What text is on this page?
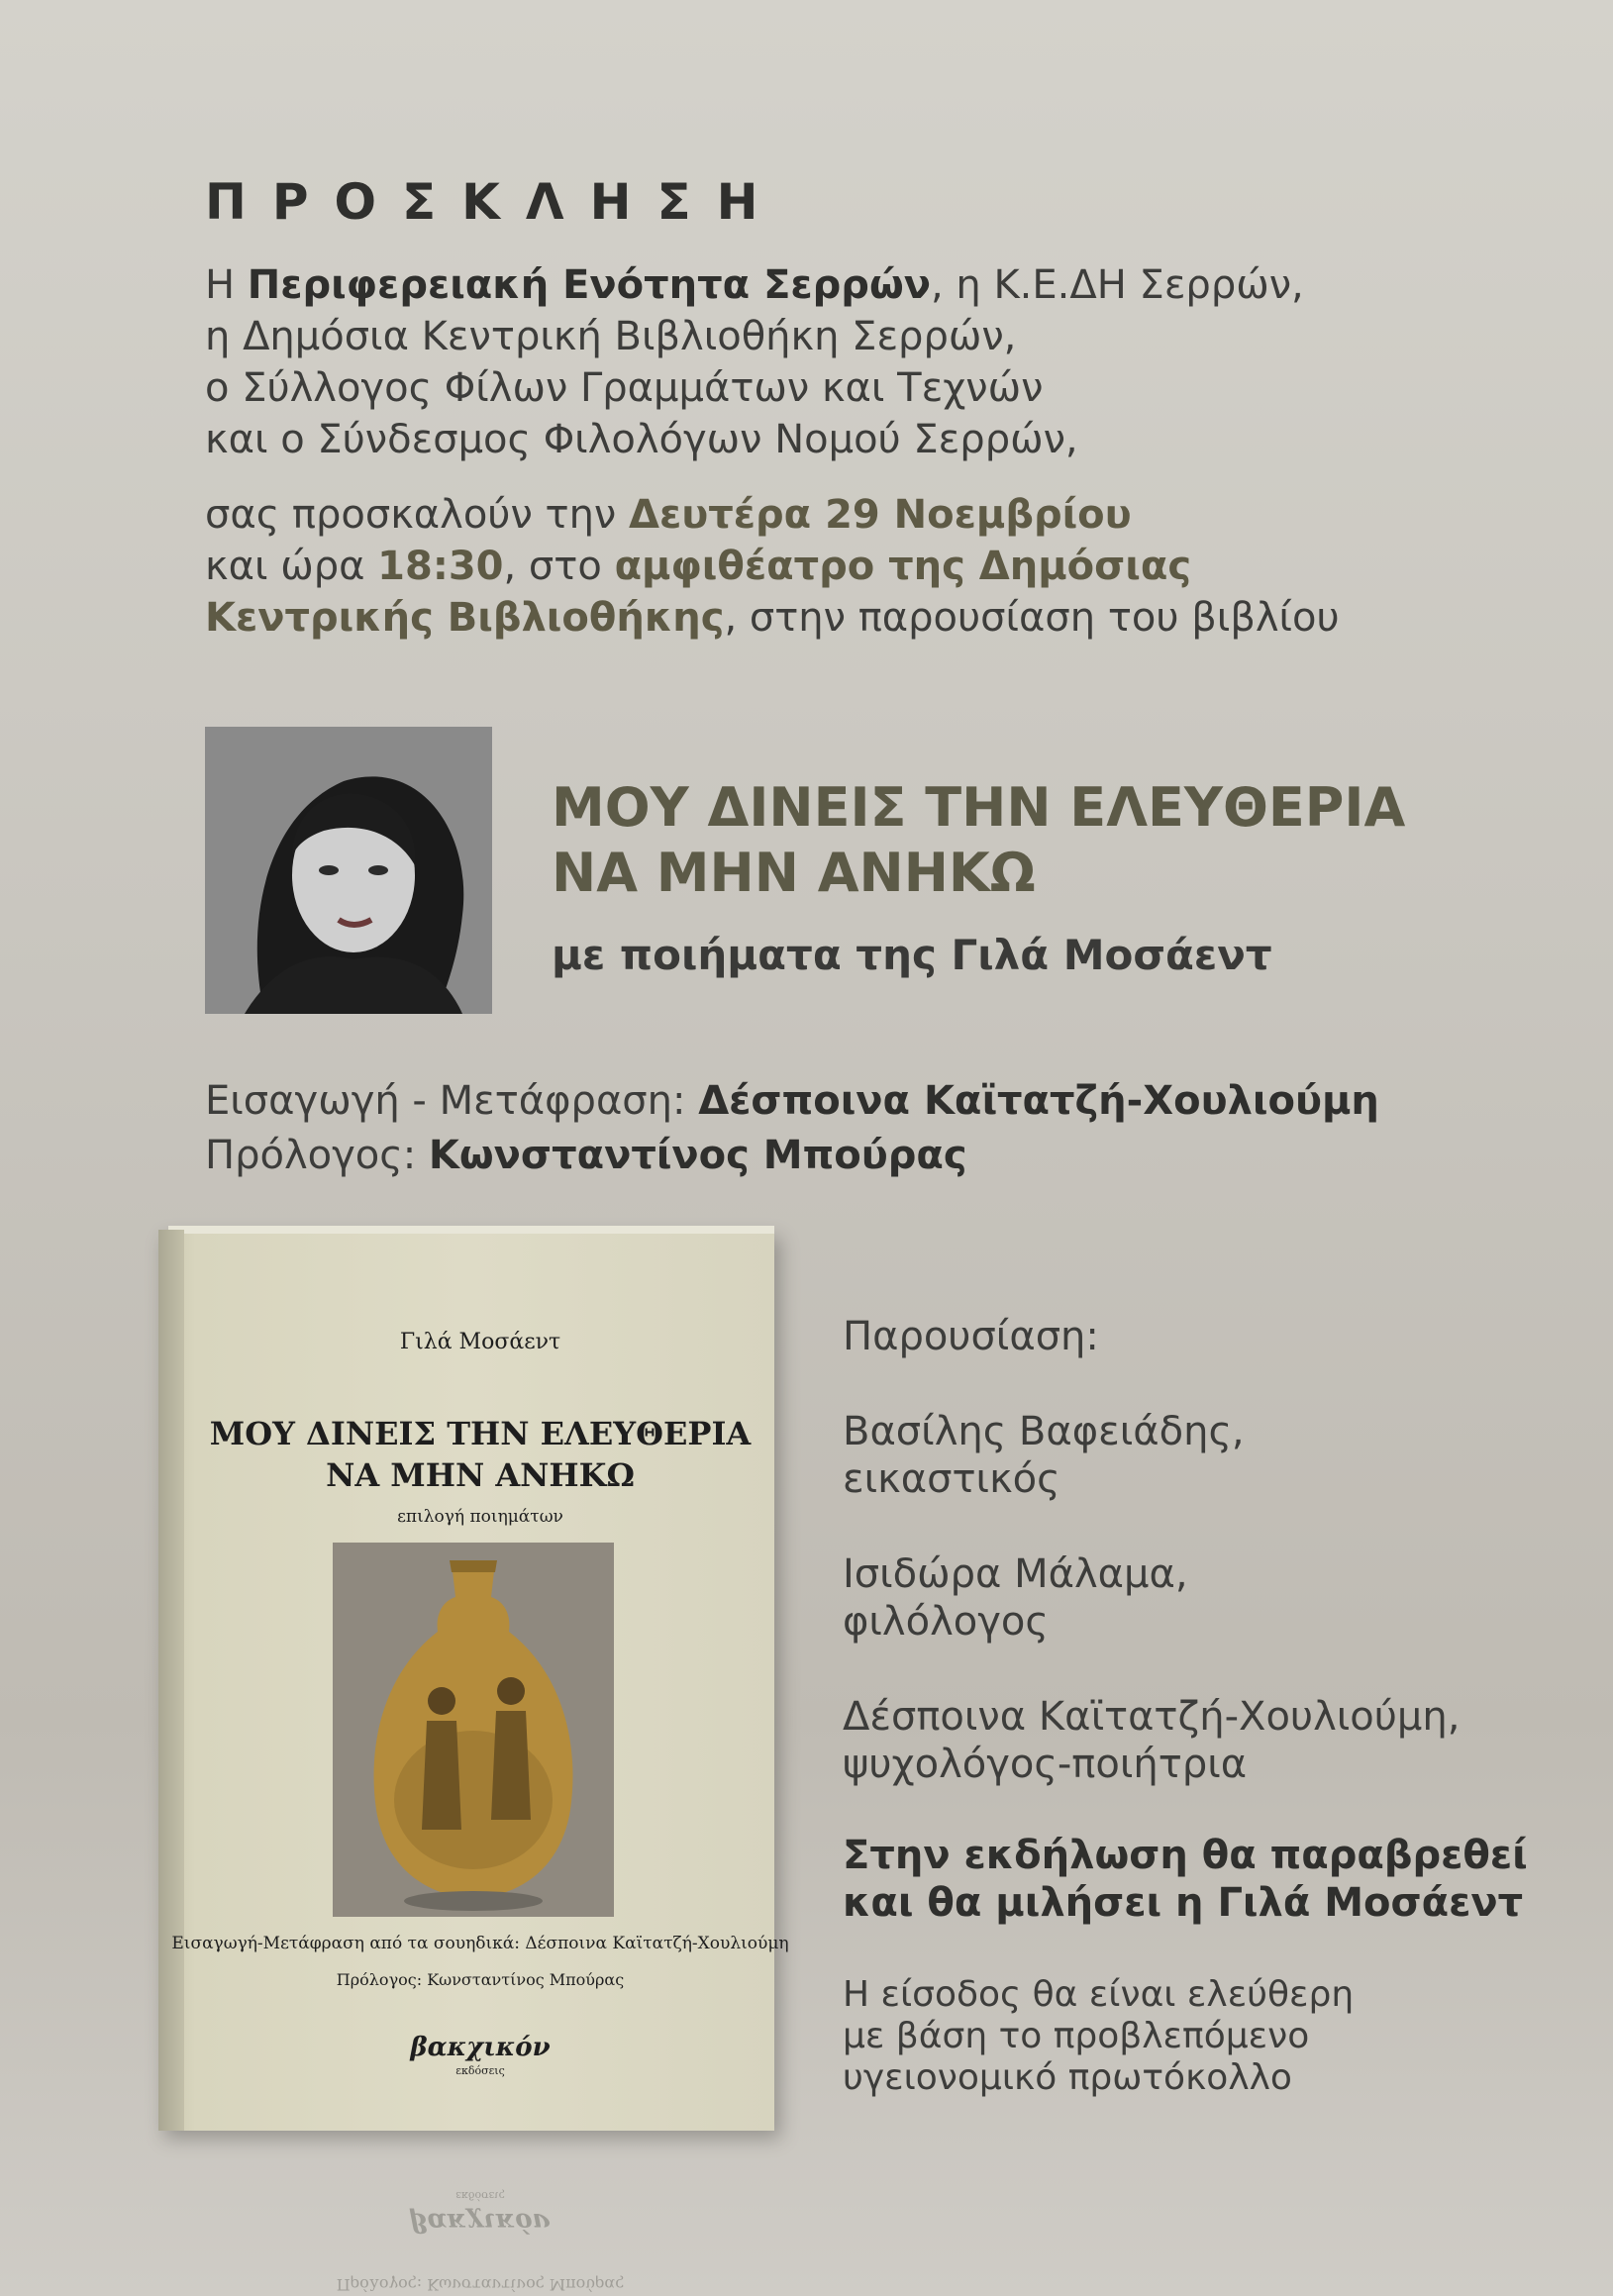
ΠΡΟΣΚΛΗΣΗ

Η Περιφερειακή Ενότητα Σερρών, η Κ.Ε.ΔΗ Σερρών,

η Δημόσια Κεντρική Βιβλιοθήκη Σερρών,

ο Σύλλογος Φίλων Γραμμάτων και Τεχνών

και ο Σύνδεσμος Φιλολόγων Νομού Σερρών,

σας προσκαλούν την Δευτέρα 29 Νοεμβρίου

και ώρα 18:30, στο αμφιθέατρο της Δημόσιας

Κεντρικής Βιβλιοθήκης, στην παρουσίαση του βιβλίου

ΜΟΥ ΔΙΝΕΙΣ ΤΗΝ ΕΛΕΥΘΕΡΙΑ
ΝΑ ΜΗΝ ΑΝΗΚΩ
με ποιήματα της Γιλά Μοσάεντ
Εισαγωγή - Μετάφραση: Δέσποινα Καϊτατζή-Χουλιούμη
Πρόλογος: Κωνσταντίνος Μπούρας
Γιλά Μοσάεντ
ΜΟΥ ΔΙΝΕΙΣ ΤΗΝ ΕΛΕΥΘΕΡΙΑ
ΝΑ ΜΗΝ ΑΝΗΚΩ
επιλογή ποιημάτων
Εισαγωγή-Μετάφραση από τα σουηδικά: Δέσποινα Καϊτατζή-Χουλιούμη
Πρόλογος: Κωνσταντίνος Μπούρας
βακχικόν
εκδόσεις
Πρόλογος: Κωνσταντίνος Μπούρας
βακχικόν
εκδόσεις
Παρουσίαση:
Βασίλης Βαφειάδης,
εικαστικός
Ισιδώρα Μάλαμα,
φιλόλογος
Δέσποινα Καϊτατζή-Χουλιούμη,
ψυχολόγος-ποιήτρια
Στην εκδήλωση θα παραβρεθεί
και θα μιλήσει η Γιλά Μοσάεντ
Η είσοδος θα είναι ελεύθερη
με βάση το προβλεπόμενο
υγειονομικό πρωτόκολλο
